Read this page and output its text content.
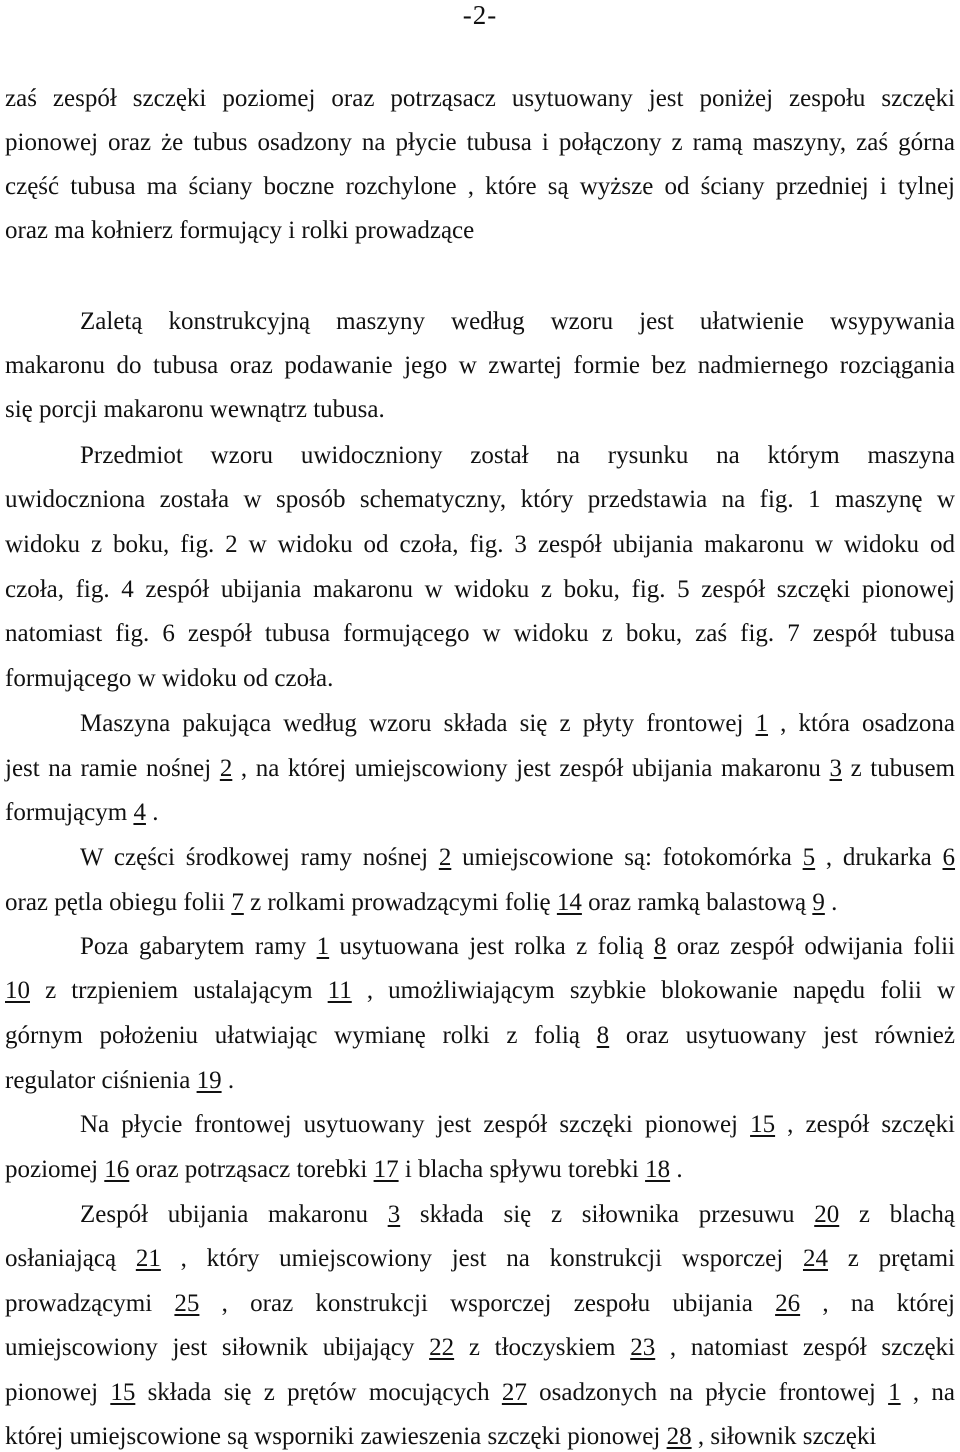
-2-
zaś zespół szczęki poziomej oraz potrząsacz usytuowany jest poniżej zespołu szczęki
pionowej oraz że tubus osadzony na płycie tubusa i połączony z ramą maszyny, zaś górna
część tubusa ma ściany boczne rozchylone , które są wyższe od ściany przedniej i tylnej
oraz ma kołnierz formujący i rolki prowadzące
Zaletą konstrukcyjną maszyny według wzoru jest ułatwienie wsypywania
makaronu do tubusa oraz podawanie jego w zwartej formie bez nadmiernego rozciągania
się porcji makaronu wewnątrz tubusa.
Przedmiot wzoru uwidoczniony został na rysunku na którym maszyna
uwidoczniona została w sposób schematyczny, który przedstawia na fig. 1 maszynę w
widoku z boku, fig. 2 w widoku od czoła, fig. 3 zespół ubijania makaronu w widoku od
czoła, fig. 4 zespół ubijania makaronu w widoku z boku, fig. 5 zespół szczęki pionowej
natomiast fig. 6 zespół tubusa formującego w widoku z boku, zaś fig. 7 zespół tubusa
formującego w widoku od czoła.
Maszyna pakująca według wzoru składa się z płyty frontowej 1 , która osadzona
jest na ramie nośnej 2 , na której umiejscowiony jest zespół ubijania makaronu 3 z tubusem
formującym 4 .
W części środkowej ramy nośnej 2 umiejscowione są: fotokomórka 5 , drukarka 6
oraz pętla obiegu folii 7 z rolkami prowadzącymi folię 14 oraz ramką balastową 9 .
Poza gabarytem ramy 1 usytuowana jest rolka z folią 8 oraz zespół odwijania folii
10 z trzpieniem ustalającym 11 , umożliwiającym szybkie blokowanie napędu folii w
górnym położeniu ułatwiając wymianę rolki z folią 8 oraz usytuowany jest również
regulator ciśnienia 19 .
Na płycie frontowej usytuowany jest zespół szczęki pionowej 15 , zespół szczęki
poziomej 16 oraz potrząsacz torebki 17 i blacha spływu torebki 18 .
Zespół ubijania makaronu 3 składa się z siłownika przesuwu 20 z blachą
osłaniającą 21 , który umiejscowiony jest na konstrukcji wsporczej 24 z prętami
prowadzącymi 25 , oraz konstrukcji wsporczej zespołu ubijania 26 , na której
umiejscowiony jest siłownik ubijający 22 z tłoczyskiem 23 , natomiast zespół szczęki
pionowej 15 składa się z prętów mocujących 27 osadzonych na płycie frontowej 1 , na
której umiejscowione są wsporniki zawieszenia szczęki pionowej 28 , siłownik szczęki
